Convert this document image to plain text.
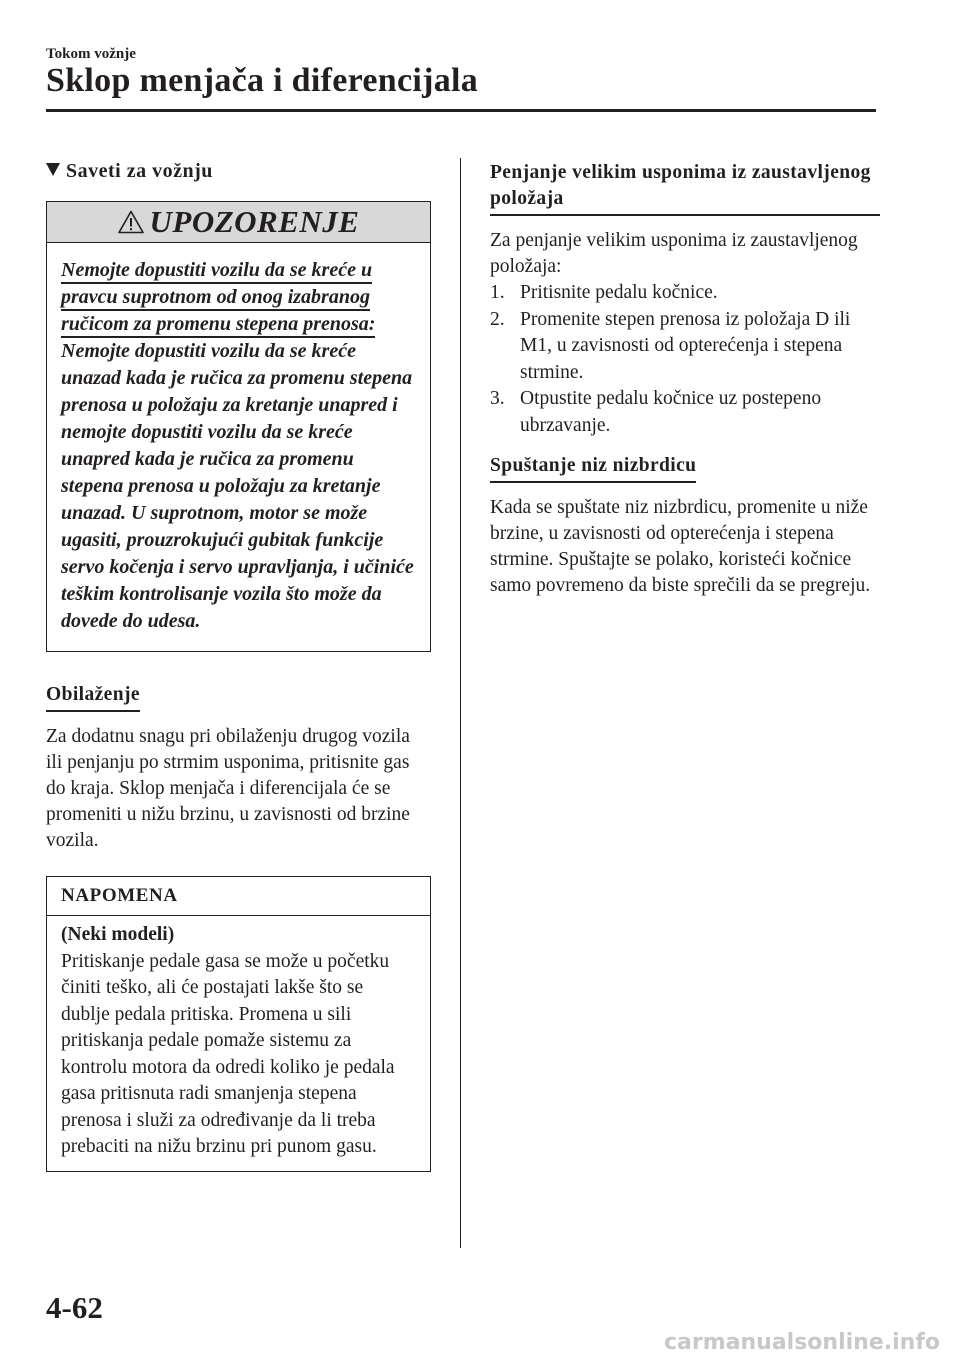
Tokom vožnje
Sklop menjača i diferencijala
Saveti za vožnju
UPOZORENJE
Nemojte dopustiti vozilu da se kreće u pravcu suprotnom od onog izabranog ručicom za promenu stepena prenosa:
Nemojte dopustiti vozilu da se kreće unazad kada je ručica za promenu stepena prenosa u položaju za kretanje unapred i nemojte dopustiti vozilu da se kreće unapred kada je ručica za promenu stepena prenosa u položaju za kretanje unazad. U suprotnom, motor se može ugasiti, prouzrokujući gubitak funkcije servo kočenja i servo upravljanja, i učiniće teškim kontrolisanje vozila što može da dovede do udesa.
Obilaženje

Za dodatnu snagu pri obilaženju drugog vozila ili penjanju po strmim usponima, pritisnite gas do kraja. Sklop menjača i diferencijala će se promeniti u nižu brzinu, u zavisnosti od brzine vozila.

NAPOMENA
(Neki modeli)
Pritiskanje pedale gasa se može u početku činiti teško, ali će postajati lakše što se dublje pedala pritiska. Promena u sili pritiskanja pedale pomaže sistemu za kontrolu motora da odredi koliko je pedala gasa pritisnuta radi smanjenja stepena prenosa i služi za određivanje da li treba prebaciti na nižu brzinu pri punom gasu.
Penjanje velikim usponima iz zaustavljenog položaja

Za penjanje velikim usponima iz zaustavljenog položaja:

1. Pritisnite pedalu kočnice.
2. Promenite stepen prenosa iz položaja D ili M1, u zavisnosti od opterećenja i stepena strmine.
3. Otpustite pedalu kočnice uz postepeno ubrzavanje.
Spuštanje niz nizbrdicu

Kada se spuštate niz nizbrdicu, promenite u niže brzine, u zavisnosti od opterećenja i stepena strmine. Spuštajte se polako, koristeći kočnice samo povremeno da biste sprečili da se pregreju.

4-62
carmanualsonline.info
